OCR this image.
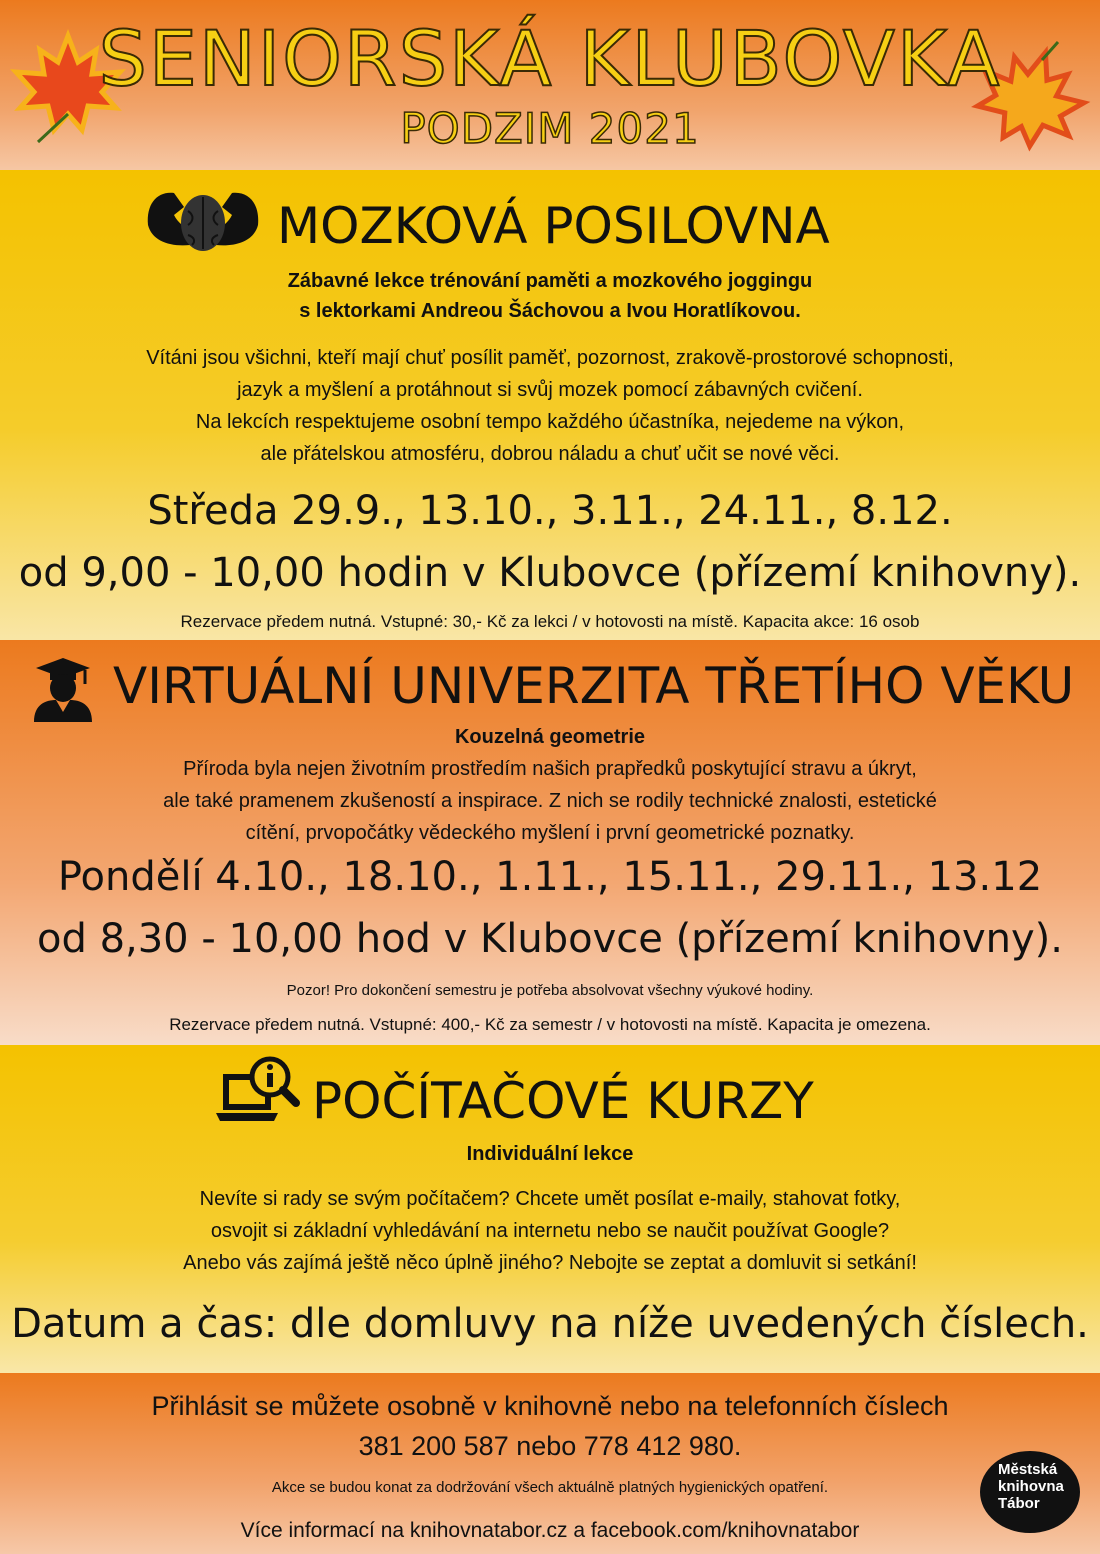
SENIORSKÁ KLUBOVKA
PODZIM 2021
MOZKOVÁ POSILOVNA
Zábavné lekce trénování paměti a mozkového joggingu
s lektorkami Andreou Šáchovou a Ivou Horatlíkovou.
Vítáni jsou všichni, kteří mají chuť posílit paměť, pozornost, zrakově-prostorové schopnosti,
jazyk a myšlení a protáhnout si svůj mozek pomocí zábavných cvičení.
Na lekcích respektujeme osobní tempo každého účastníka, nejedeme na výkon,
ale přátelskou atmosféru, dobrou náladu a chuť učit se nové věci.
Středa 29.9., 13.10., 3.11., 24.11., 8.12.
od 9,00 - 10,00 hodin v Klubovce (přízemí knihovny).
Rezervace předem nutná. Vstupné: 30,- Kč za lekci / v hotovosti na místě. Kapacita akce: 16 osob
VIRTUÁLNÍ UNIVERZITA TŘETÍHO VĚKU
Kouzelná geometrie
Příroda byla nejen životním prostředím našich prapředků poskytující stravu a úkryt,
ale také pramenem zkušeností a inspirace. Z nich se rodily technické znalosti, estetické
cítění, prvopočátky vědeckého myšlení i první geometrické poznatky.
Pondělí 4.10., 18.10., 1.11., 15.11., 29.11., 13.12
od 8,30 - 10,00 hod v Klubovce (přízemí knihovny).
Pozor! Pro dokončení semestru je potřeba absolvovat všechny výukové hodiny.
Rezervace předem nutná. Vstupné: 400,- Kč za semestr / v hotovosti na místě. Kapacita je omezena.
POČÍTAČOVÉ KURZY
Individuální lekce
Nevíte si rady se svým počítačem? Chcete umět posílat e-maily, stahovat fotky,
osvojit si základní vyhledávání na internetu nebo se naučit používat Google?
Anebo vás zajímá ještě něco úplně jiného? Nebojte se zeptat a domluvit si setkání!
Datum a čas: dle domluvy na níže uvedených číslech.
Přihlásit se můžete osobně v knihovně nebo na telefonních číslech
381 200 587 nebo 778 412 980.
Akce se budou konat za dodržování všech aktuálně platných hygienických opatření.
Více informací na knihovnatabor.cz a facebook.com/knihovnatabor
Městská
knihovna
Tábor
